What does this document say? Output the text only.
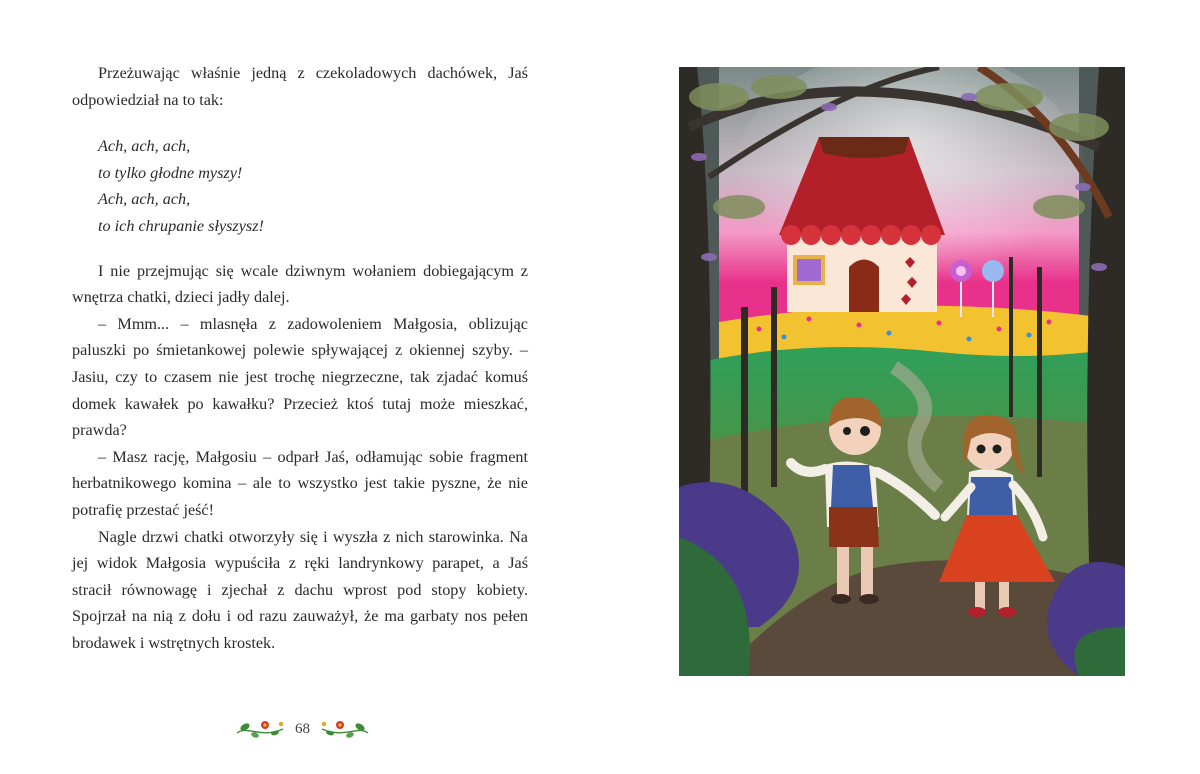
Przeżuwając właśnie jedną z czekoladowych dachówek, Jaś odpowiedział na to tak:

Ach, ach, ach,
to tylko głodne myszy!
Ach, ach, ach,
to ich chrupanie słyszysz!

I nie przejmując się wcale dziwnym wołaniem dobiegającym z wnętrza chatki, dzieci jadły dalej.

– Mmm... – mlasnęła z zadowoleniem Małgosia, oblizując paluszki po śmietankowej polewie spływającej z okiennej szyby. – Jasiu, czy to czasem nie jest trochę niegrzeczne, tak zjadać komuś domek kawałek po kawałku? Przecież ktoś tutaj może mieszkać, prawda?

– Masz rację, Małgosiu – odparł Jaś, odłamując sobie fragment herbatnikowego komina – ale to wszystko jest takie pyszne, że nie potrafię przestać jeść!

Nagle drzwi chatki otworzyły się i wyszła z nich starowinka. Na jej widok Małgosia wypuściła z ręki landrynkowy parapet, a Jaś stracił równowagę i zjechał z dachu wprost pod stopy kobiety. Spojrzał na nią z dołu i od razu zauważył, że ma garbaty nos pełen brodawek i wstrętnych krostek.

68
